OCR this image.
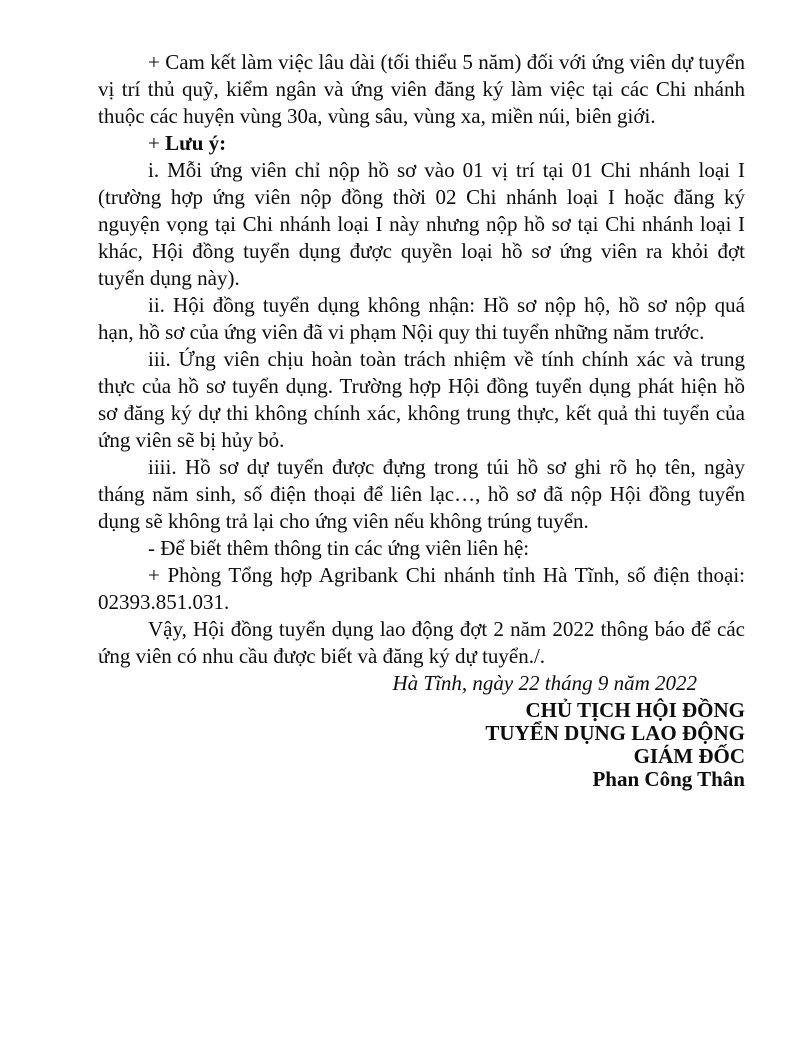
+ Cam kết làm việc lâu dài (tối thiểu 5 năm) đối với ứng viên dự tuyển vị trí thủ quỹ, kiểm ngân và ứng viên đăng ký làm việc tại các Chi nhánh thuộc các huyện vùng 30a, vùng sâu, vùng xa, miền núi, biên giới.

+ Lưu ý:

i. Mỗi ứng viên chỉ nộp hồ sơ vào 01 vị trí tại 01 Chi nhánh loại I (trường hợp ứng viên nộp đồng thời 02 Chi nhánh loại I hoặc đăng ký nguyện vọng tại Chi nhánh loại I này nhưng nộp hồ sơ tại Chi nhánh loại I khác, Hội đồng tuyển dụng được quyền loại hồ sơ ứng viên ra khỏi đợt tuyển dụng này).

ii. Hội đồng tuyển dụng không nhận: Hồ sơ nộp hộ, hồ sơ nộp quá hạn, hồ sơ của ứng viên đã vi phạm Nội quy thi tuyển những năm trước.

iii. Ứng viên chịu hoàn toàn trách nhiệm về tính chính xác và trung thực của hồ sơ tuyển dụng. Trường hợp Hội đồng tuyển dụng phát hiện hồ sơ đăng ký dự thi không chính xác, không trung thực, kết quả thi tuyển của ứng viên sẽ bị hủy bỏ.

iiii. Hồ sơ dự tuyển được đựng trong túi hồ sơ ghi rõ họ tên, ngày tháng năm sinh, số điện thoại để liên lạc…, hồ sơ đã nộp Hội đồng tuyển dụng sẽ không trả lại cho ứng viên nếu không trúng tuyển.

- Để biết thêm thông tin các ứng viên liên hệ:

+ Phòng Tổng hợp Agribank Chi nhánh tỉnh Hà Tĩnh, số điện thoại: 02393.851.031.

Vậy, Hội đồng tuyển dụng lao động đợt 2 năm 2022 thông báo để các ứng viên có nhu cầu được biết và đăng ký dự tuyển./.

Hà Tĩnh, ngày 22 tháng 9 năm 2022

CHỦ TỊCH HỘI ĐỒNG
TUYỂN DỤNG LAO ĐỘNG
GIÁM ĐỐC
Phan Công Thân
